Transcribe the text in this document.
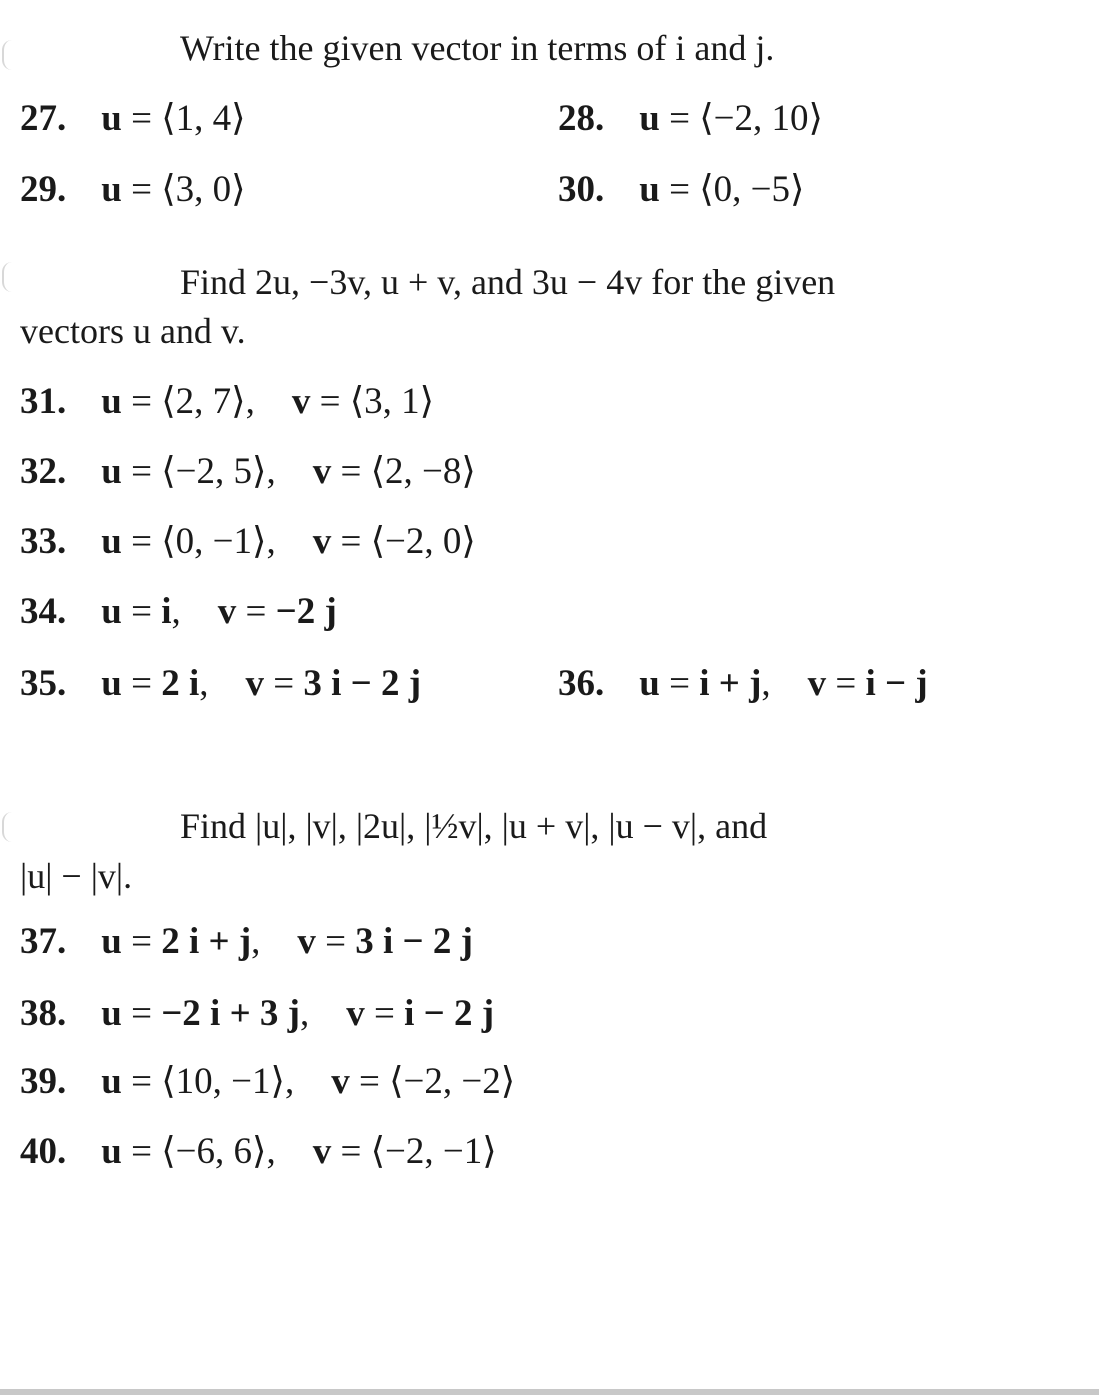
Write the given vector in terms of i and j.
27. u = ⟨1, 4⟩	28. u = ⟨−2, 10⟩
29. u = ⟨3, 0⟩	30. u = ⟨0, −5⟩
Find 2u, −3v, u + v, and 3u − 4v for the given
vectors u and v.
31. u = ⟨2, 7⟩,    v = ⟨3, 1⟩
32. u = ⟨−2, 5⟩,    v = ⟨2, −8⟩
33. u = ⟨0, −1⟩,    v = ⟨−2, 0⟩
34. u = i,    v = −2 j
35. u = 2 i,    v = 3 i − 2 j	36. u = i + j,    v = i − j
Find |u|, |v|, |2u|, |½v|, |u + v|, |u − v|, and
|u| − |v|.
37. u = 2 i + j,    v = 3 i − 2 j
38. u = −2 i + 3 j,    v = i − 2 j
39. u = ⟨10, −1⟩,    v = ⟨−2, −2⟩
40. u = ⟨−6, 6⟩,    v = ⟨−2, −1⟩
